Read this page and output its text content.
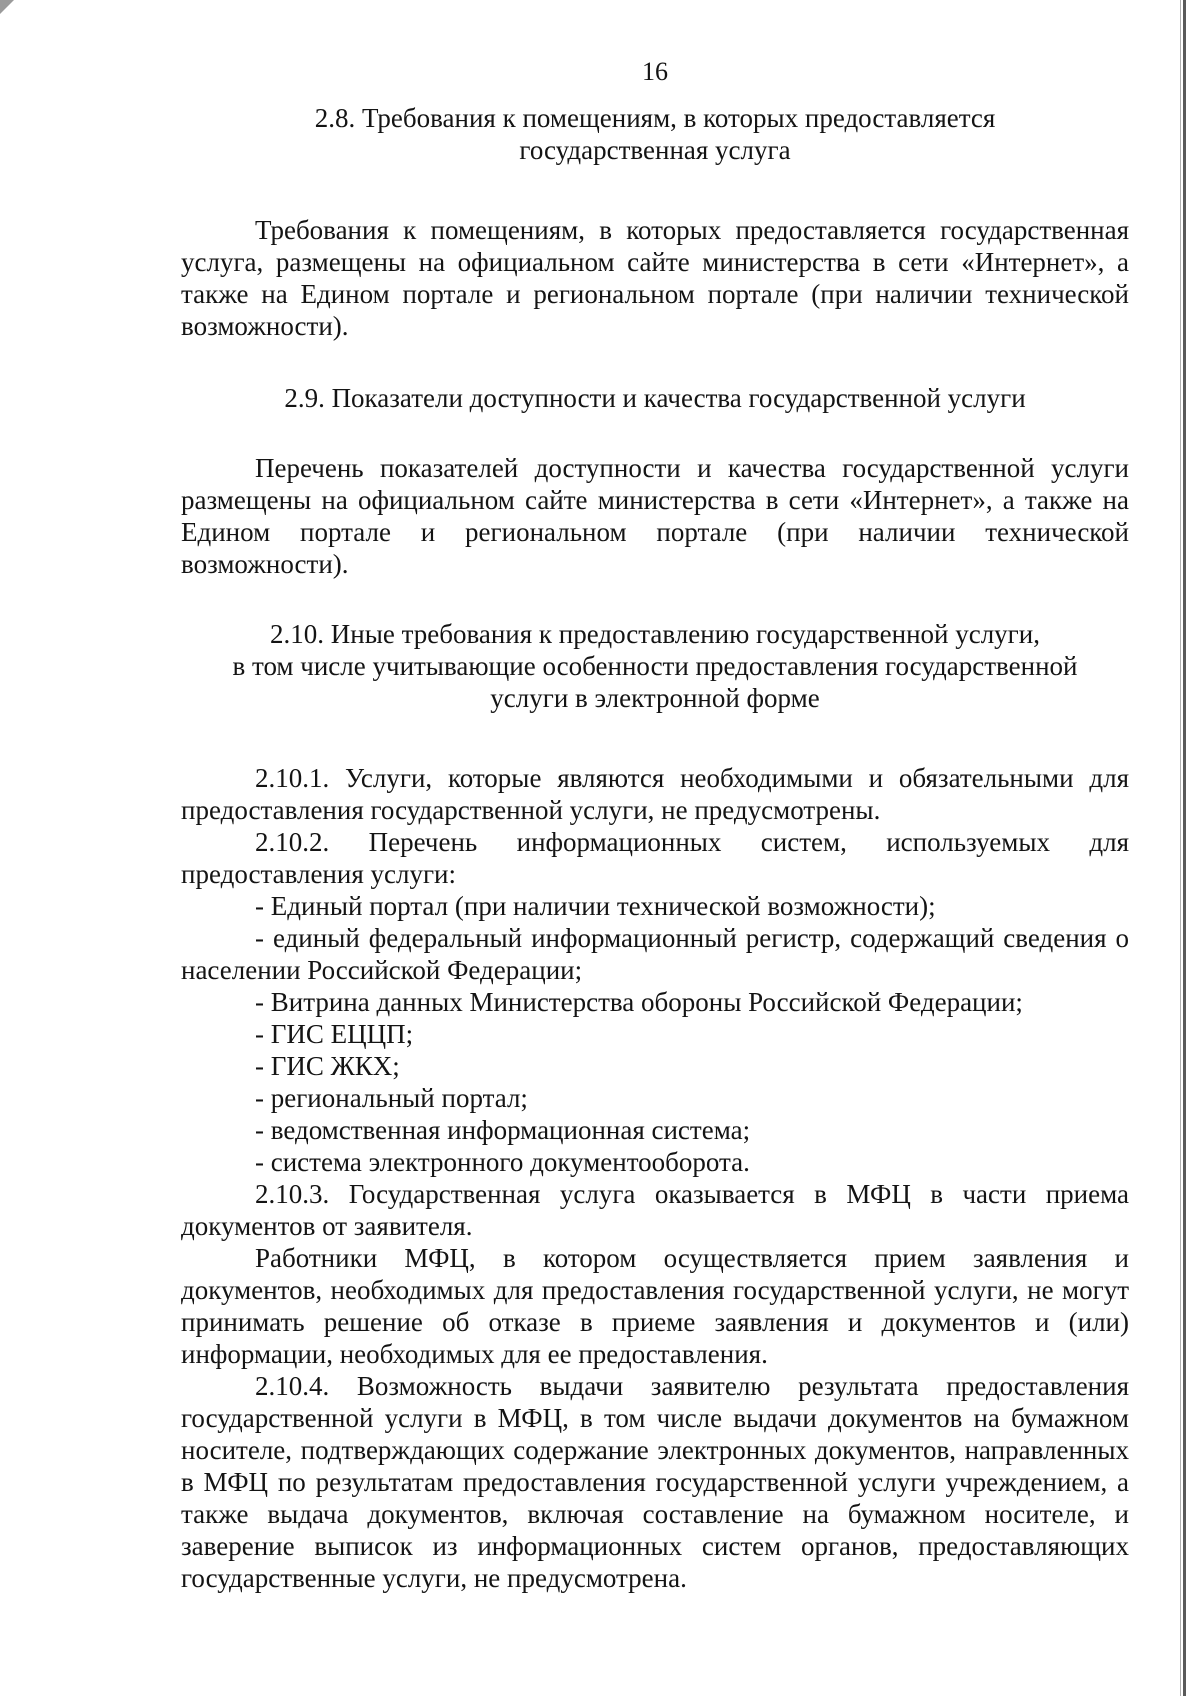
16

2.8. Требования к помещениям, в которых предоставляется
государственная услуга

Требования к помещениям, в которых предоставляется государственная услуга, размещены на официальном сайте министерства в сети «Интернет», а также на Едином портале и региональном портале (при наличии технической возможности).

2.9. Показатели доступности и качества государственной услуги

Перечень показателей доступности и качества государственной услуги размещены на официальном сайте министерства в сети «Интернет», а также на Едином портале и региональном портале (при наличии технической возможности).

2.10. Иные требования к предоставлению государственной услуги,
в том числе учитывающие особенности предоставления государственной
услуги в электронной форме

2.10.1. Услуги, которые являются необходимыми и обязательными для предоставления государственной услуги, не предусмотрены.

2.10.2. Перечень информационных систем, используемых для предоставления услуги:

- Единый портал (при наличии технической возможности);

- единый федеральный информационный регистр, содержащий сведения о населении Российской Федерации;

- Витрина данных Министерства обороны Российской Федерации;

- ГИС ЕЦЦП;

- ГИС ЖКХ;

- региональный портал;

- ведомственная информационная система;

- система электронного документооборота.

2.10.3. Государственная услуга оказывается в МФЦ в части приема документов от заявителя.

Работники МФЦ, в котором осуществляется прием заявления и документов, необходимых для предоставления государственной услуги, не могут принимать решение об отказе в приеме заявления и документов и (или) информации, необходимых для ее предоставления.

2.10.4. Возможность выдачи заявителю результата предоставления государственной услуги в МФЦ, в том числе выдачи документов на бумажном носителе, подтверждающих содержание электронных документов, направленных в МФЦ по результатам предоставления государственной услуги учреждением, а также выдача документов, включая составление на бумажном носителе, и заверение выписок из информационных систем органов, предоставляющих государственные услуги, не предусмотрена.
